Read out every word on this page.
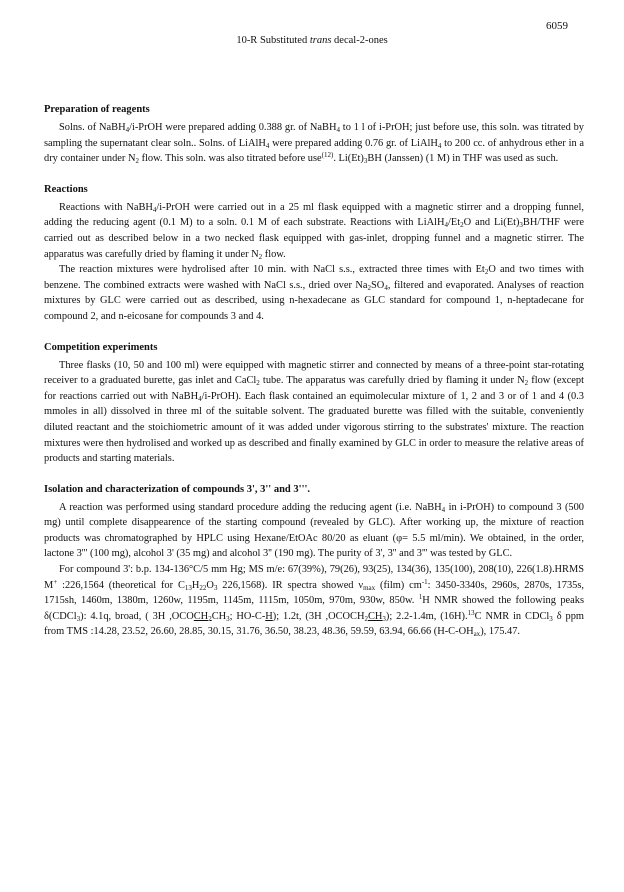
10-R Substituted trans decal-2-ones
6059
Preparation of reagents

Solns. of NaBH$_4$/i-PrOH were prepared adding 0.388 gr. of NaBH$_4$ to 1 l of i-PrOH; just before use, this soln. was titrated by sampling the supernatant clear soln.. Solns. of LiAlH$_4$ were prepared adding 0.76 gr. of LiAlH$_4$ to 200 cc. of anhydrous ether in a dry container under $N_2$ flow. This soln. was also titrated before use$^{(12)}$. $Li(Et)_3BH$ (Janssen) (1 M) in THF was used as such.

Reactions

Reactions with NaBH$_4$/i-PrOH were carried out in a 25 ml flask equipped with a magnetic stirrer and a dropping funnel, adding the reducing agent (0.1 M) to a soln. 0.1 M of each substrate. Reactions with $LiAlH_4/Et_2O$ and $Li(Et)_3BH$/THF were carried out as described below in a two necked flask equipped with gas-inlet, dropping funnel and a magnetic stirrer. The apparatus was carefully dried by flaming it under $N_2$ flow.

The reaction mixtures were hydrolised after 10 min. with NaCl s.s., extracted three times with $Et_2O$ and two times with benzene. The combined extracts were washed with NaCl s.s., dried over $Na_2SO_4$, filtered and evaporated. Analyses of reaction mixtures by GLC were carried out as described, using n-hexadecane as GLC standard for compound 1, n-heptadecane for compound 2, and n-eicosane for compounds 3 and 4.

Competition experiments

Three flasks (10, 50 and 100 ml) were equipped with magnetic stirrer and connected by means of a three-point star-rotating receiver to a graduated burette, gas inlet and CaCl$_2$ tube. The apparatus was carefully dried by flaming it under $N_2$ flow (except for reactions carried out with NaBH$_4$/i-PrOH). Each flask contained an equimolecular mixture of 1, 2 and 3 or of 1 and 4 (0.3 mmoles in all) dissolved in three ml of the suitable solvent. The graduated burette was filled with the suitable, conveniently diluted reactant and the stoichiometric amount of it was added under vigorous stirring to the substrates' mixture. The reaction mixtures were then hydrolised and worked up as described and finally examined by GLC in order to measure the relative areas of products and starting materials.

Isolation and characterization of compounds 3', 3'' and 3'''.

A reaction was performed using standard procedure adding the reducing agent (i.e. NaBH$_4$ in i-PrOH) to compound 3 (500 mg) until complete disappearence of the starting compound (revealed by GLC). After working up, the mixture of reaction products was chromatographed by HPLC using Hexane/EtOAc 80/20 as eluant (φ= 5.5 ml/min). We obtained, in the order, lactone 3''' (100 mg), alcohol 3' (35 mg) and alcohol 3'' (190 mg). The purity of 3', 3'' and 3''' was tested by GLC.

For compound 3': b.p. 134-136°C/5 mm Hg; MS m/e: 67(39%), 79(26), 93(25), 134(36), 135(100), 208(10), 226(1.8).HRMS M+ :226,1564 (theoretical for $C_{13}H_{22}O_3$ 226,1568). IR spectra showed $\nu_{max}$ (film) $cm^{-1}$: 3450-3340s, 2960s, 2870s, 1735s, 1715sh, 1460m, 1380m, 1260w, 1195m, 1145m, 1115m, 1050m, 970m, 930w, 850w. $^1$H NMR showed the following peaks δ(CDCl$_3$): 4.1q, broad, ( 3H $,OCOCH_2CH_3$; HO-C-H); 1.2t, (3H $,OCOCH_2CH_3$); 2.2-1.4m, (16H).$^{13}$C NMR in CDCl$_3$ δ ppm from TMS :14.28, 23.52, 26.60, 28.85, 30.15, 31.76, 36.50, 38.23, 48.36, 59.59, 63.94, 66.66 $(H-C-OH_{ax})$, 175.47.
